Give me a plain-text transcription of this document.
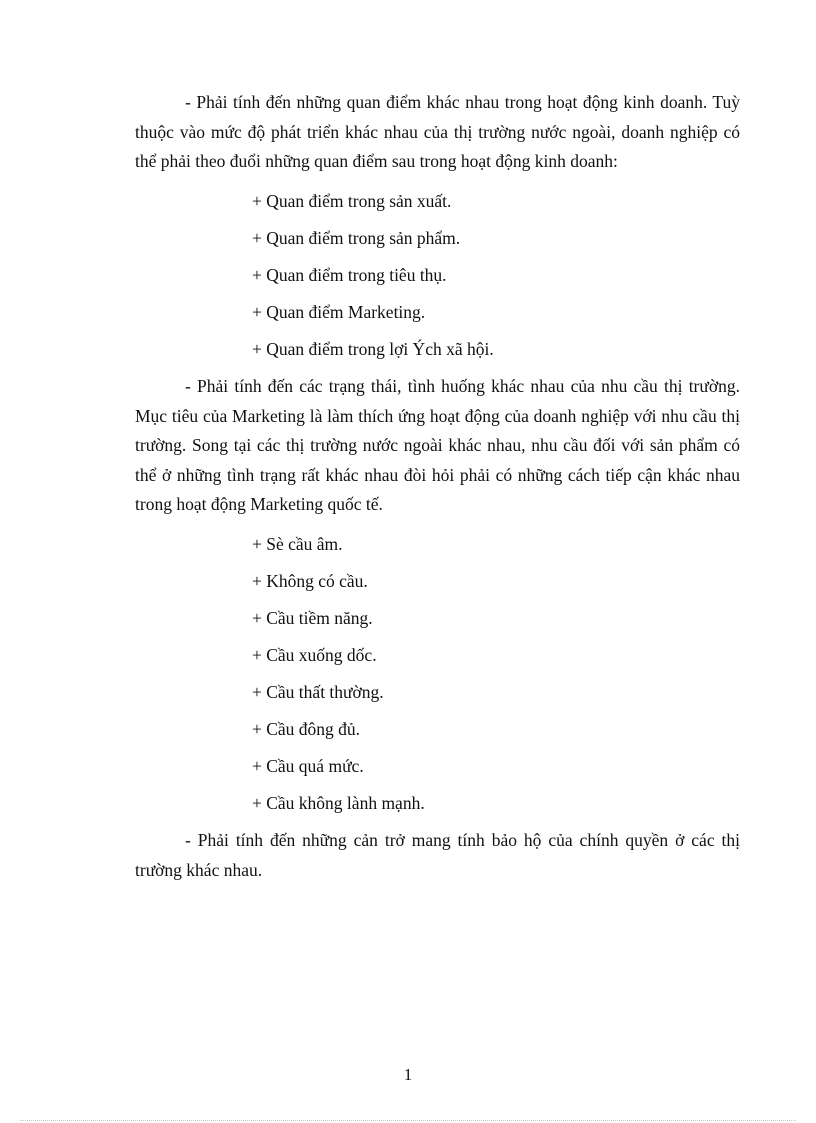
- Phải tính đến những quan điểm khác nhau trong hoạt động kinh doanh. Tuỳ thuộc vào mức độ phát triển khác nhau của thị trường nước ngoài, doanh nghiệp có thể phải theo đuổi những quan điểm sau trong hoạt động kinh doanh:

+ Quan điểm trong sản xuất.
+ Quan điểm trong sản phẩm.
+ Quan điểm trong tiêu thụ.
+ Quan điểm Marketing.
+ Quan điểm trong lợi Ých xã hội.

- Phải tính đến các trạng thái, tình huống khác nhau của nhu cầu thị trường. Mục tiêu của Marketing là làm thích ứng hoạt động của doanh nghiệp với nhu cầu thị trường. Song tại các thị trường nước ngoài khác nhau, nhu cầu đối với sản phẩm có thể ở những tình trạng rất khác nhau đòi hỏi phải có những cách tiếp cận khác nhau trong hoạt động Marketing quốc tế.

+ Sè cầu âm.
+ Không có cầu.
+ Cầu tiềm năng.
+ Cầu xuống dốc.
+ Cầu thất thường.
+ Cầu đông đủ.
+ Cầu quá mức.
+ Cầu không lành mạnh.

- Phải tính đến những cản trở mang tính bảo hộ của chính quyền ở các thị trường khác nhau.

1
